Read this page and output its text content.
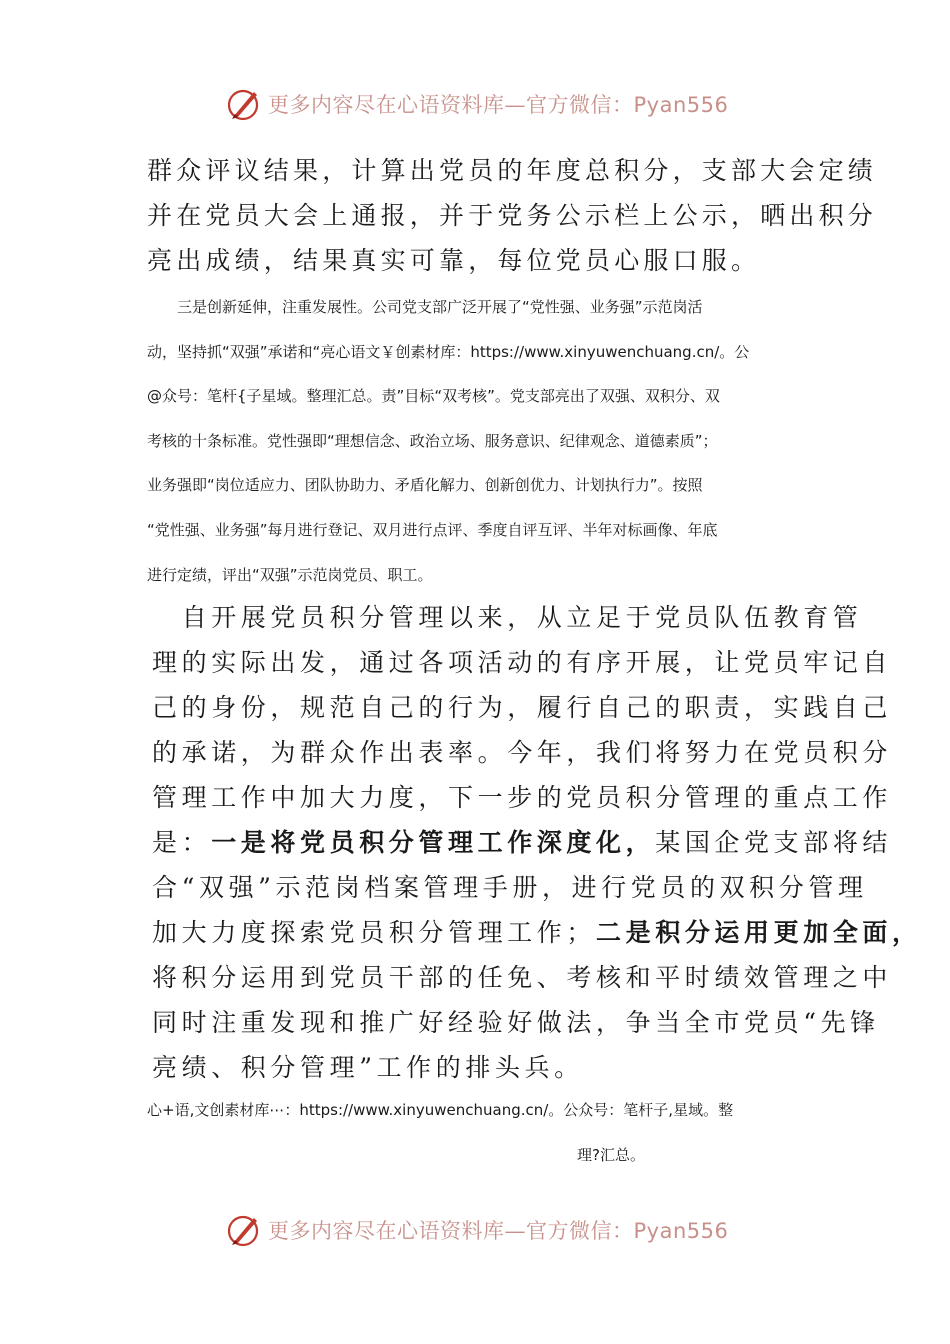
更多内容尽在心语资料库—官方微信：Pyan556
群众评议结果，计算出党员的年度总积分，支部大会定绩
并在党员大会上通报，并于党务公示栏上公示，晒出积分
亮出成绩，结果真实可靠，每位党员心服口服。
　　三是创新延伸，注重发展性。公司党支部广泛开展了“党性强、业务强”示范岗活
动，坚持抓“双强”承诺和“亮心语文￥创素材库：https://www.xinyuwenchuang.cn/。公
@众号：笔杆{子星域。整理汇总。责”目标“双考核”。党支部亮出了双强、双积分、双
考核的十条标准。党性强即“理想信念、政治立场、服务意识、纪律观念、道德素质”；
业务强即“岗位适应力、团队协助力、矛盾化解力、创新创优力、计划执行力”。按照
“党性强、业务强”每月进行登记、双月进行点评、季度自评互评、半年对标画像、年底
进行定绩，评出“双强”示范岗党员、职工。
　自开展党员积分管理以来，从立足于党员队伍教育管
理的实际出发，通过各项活动的有序开展，让党员牢记自
己的身份，规范自己的行为，履行自己的职责，实践自己
的承诺，为群众作出表率。今年，我们将努力在党员积分
管理工作中加大力度，下一步的党员积分管理的重点工作
是：一是将党员积分管理工作深度化，某国企党支部将结
合“双强”示范岗档案管理手册，进行党员的双积分管理
加大力度探索党员积分管理工作；二是积分运用更加全面，
将积分运用到党员干部的任免、考核和平时绩效管理之中
同时注重发现和推广好经验好做法，争当全市党员“先锋
亮绩、积分管理”工作的排头兵。
心+语,文创素材库⋯：https://www.xinyuwenchuang.cn/。公众号：笔杆子,星域。整
理?汇总。
更多内容尽在心语资料库—官方微信：Pyan556
